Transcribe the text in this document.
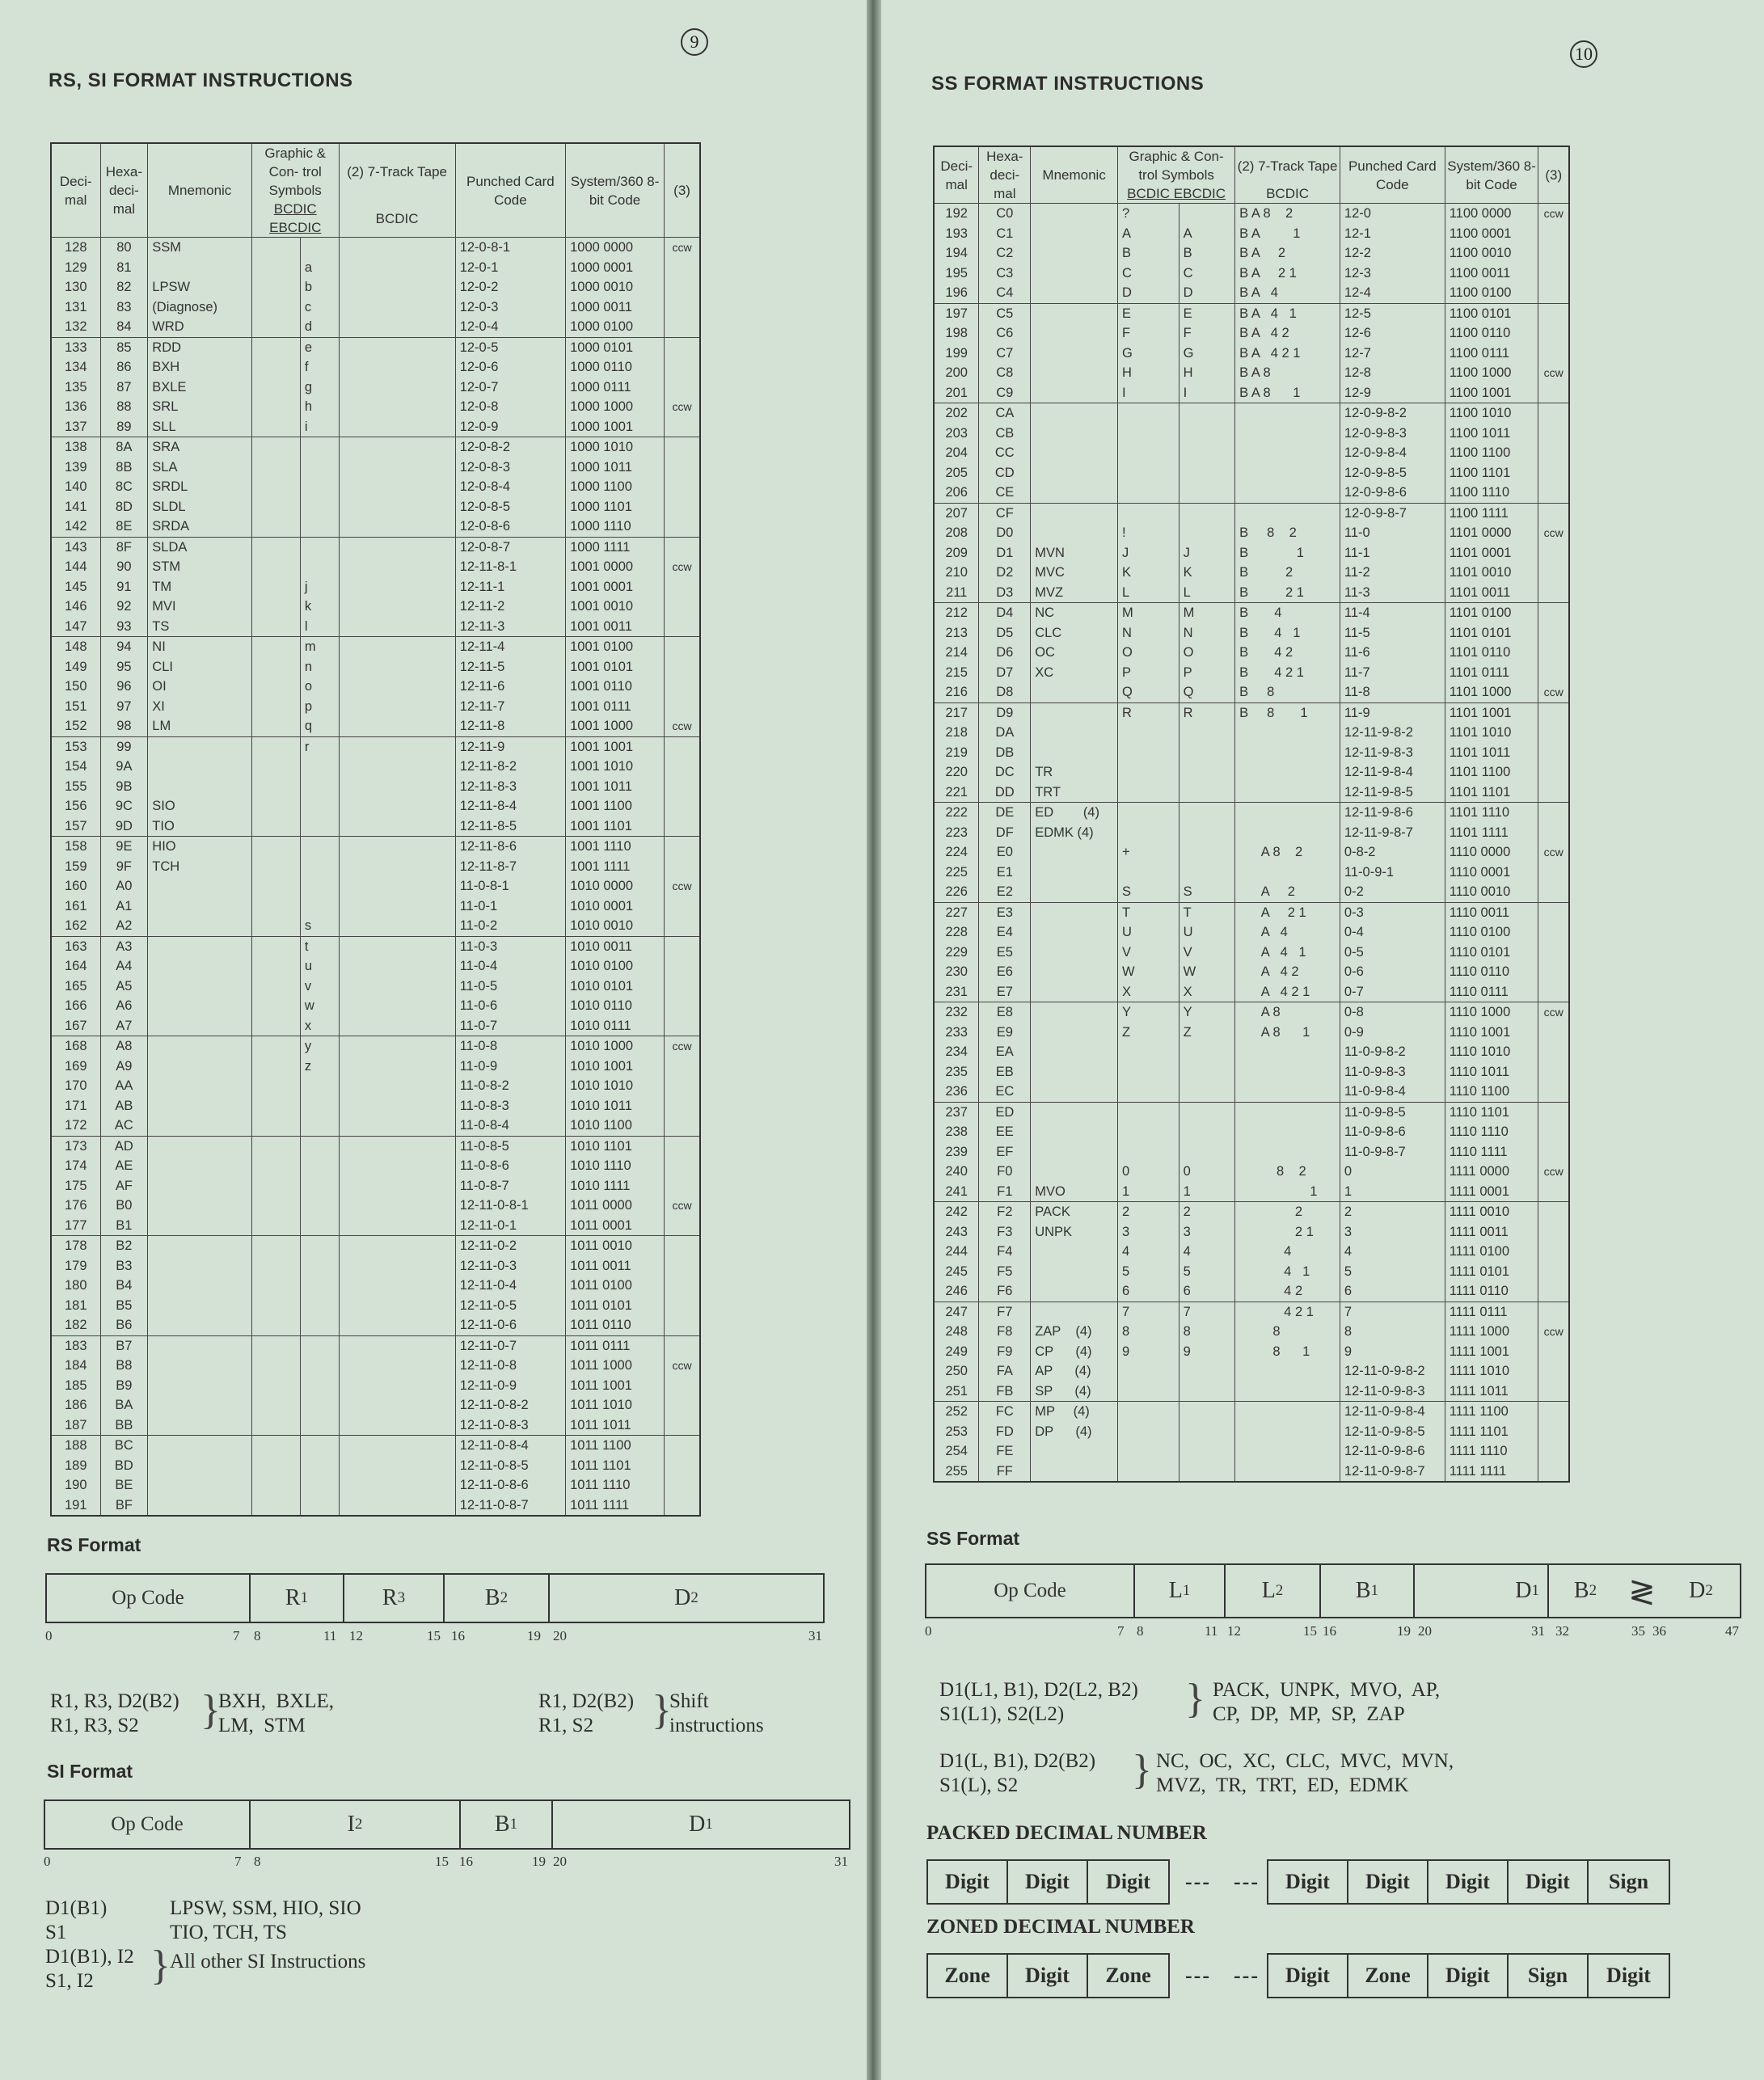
9
RS, SI FORMAT INSTRUCTIONS
Deci- mal	Hexa- deci- mal	Mnemonic	Graphic & Con- trol Symbols		(2) 7-Track Tape	Punched Card Code	System/360 8-bit Code	(3)
			BCDIC EBCDIC		BCDIC			
128	80	SSM				12-0-8-1	1000 0000	ccw
129	81			a		12-0-1	1000 0001	
130	82	LPSW		b		12-0-2	1000 0010	
131	83	(Diagnose)		c		12-0-3	1000 0011	
132	84	WRD		d		12-0-4	1000 0100	
133	85	RDD		e		12-0-5	1000 0101	
134	86	BXH		f		12-0-6	1000 0110	
135	87	BXLE		g		12-0-7	1000 0111	
136	88	SRL		h		12-0-8	1000 1000	ccw
137	89	SLL		i		12-0-9	1000 1001	
138	8A	SRA				12-0-8-2	1000 1010	
139	8B	SLA				12-0-8-3	1000 1011	
140	8C	SRDL				12-0-8-4	1000 1100	
141	8D	SLDL				12-0-8-5	1000 1101	
142	8E	SRDA				12-0-8-6	1000 1110	
143	8F	SLDA				12-0-8-7	1000 1111	
144	90	STM				12-11-8-1	1001 0000	ccw
145	91	TM		j		12-11-1	1001 0001	
146	92	MVI		k		12-11-2	1001 0010	
147	93	TS		l		12-11-3	1001 0011	
148	94	NI		m		12-11-4	1001 0100	
149	95	CLI		n		12-11-5	1001 0101	
150	96	OI		o		12-11-6	1001 0110	
151	97	XI		p		12-11-7	1001 0111	
152	98	LM		q		12-11-8	1001 1000	ccw
153	99			r		12-11-9	1001 1001	
154	9A					12-11-8-2	1001 1010	
155	9B					12-11-8-3	1001 1011	
156	9C	SIO				12-11-8-4	1001 1100	
157	9D	TIO				12-11-8-5	1001 1101	
158	9E	HIO				12-11-8-6	1001 1110	
159	9F	TCH				12-11-8-7	1001 1111	
160	A0					11-0-8-1	1010 0000	ccw
161	A1					11-0-1	1010 0001	
162	A2			s		11-0-2	1010 0010	
163	A3			t		11-0-3	1010 0011	
164	A4			u		11-0-4	1010 0100	
165	A5			v		11-0-5	1010 0101	
166	A6			w		11-0-6	1010 0110	
167	A7			x		11-0-7	1010 0111	
168	A8			y		11-0-8	1010 1000	ccw
169	A9			z		11-0-9	1010 1001	
170	AA					11-0-8-2	1010 1010	
171	AB					11-0-8-3	1010 1011	
172	AC					11-0-8-4	1010 1100	
173	AD					11-0-8-5	1010 1101	
174	AE					11-0-8-6	1010 1110	
175	AF					11-0-8-7	1010 1111	
176	B0					12-11-0-8-1	1011 0000	ccw
177	B1					12-11-0-1	1011 0001	
178	B2					12-11-0-2	1011 0010	
179	B3					12-11-0-3	1011 0011	
180	B4					12-11-0-4	1011 0100	
181	B5					12-11-0-5	1011 0101	
182	B6					12-11-0-6	1011 0110	
183	B7					12-11-0-7	1011 0111	
184	B8					12-11-0-8	1011 1000	ccw
185	B9					12-11-0-9	1011 1001	
186	BA					12-11-0-8-2	1011 1010	
187	BB					12-11-0-8-3	1011 1011	
188	BC					12-11-0-8-4	1011 1100	
189	BD					12-11-0-8-5	1011 1101	
190	BE					12-11-0-8-6	1011 1110	
191	BF					12-11-0-8-7	1011 1111	
RS Format
Op Code	R 1	R 3	B 2	D 2
0	7 8	11 12	15 16	19 20	31
R1, R3, D2(B2)
R1, R3, S2	}
BXH,  BXLE,
LM,  STM
R1, D2(B2)
R1, S2	}
Shift
instructions
SI Format
Op Code	I 2	B 1	D 1
0	7 8	15 16	19 20	31
D1(B1)	LPSW, SSM, HIO, SIO
S1	TIO, TCH, TS
D1(B1), I2
S1, I2	} All other SI Instructions
10
SS FORMAT INSTRUCTIONS
Deci- mal	Hexa- deci- mal	Mnemonic	Graphic & Con- trol Symbols		(2) 7-Track Tape	Punched Card Code	System/360 8-bit Code	(3)
			BCDIC EBCDIC		BCDIC			
192	C0		?		B A 8    2	12-0	1100 0000	ccw
193	C1		A	A	B A         1	12-1	1100 0001	
194	C2		B	B	B A     2	12-2	1100 0010	
195	C3		C	C	B A     2 1	12-3	1100 0011	
196	C4		D	D	B A   4	12-4	1100 0100	
197	C5		E	E	B A   4   1	12-5	1100 0101	
198	C6		F	F	B A   4 2	12-6	1100 0110	
199	C7		G	G	B A   4 2 1	12-7	1100 0111	
200	C8		H	H	B A 8	12-8	1100 1000	ccw
201	C9		I	I	B A 8      1	12-9	1100 1001	
202	CA					12-0-9-8-2	1100 1010	
203	CB					12-0-9-8-3	1100 1011	
204	CC					12-0-9-8-4	1100 1100	
205	CD					12-0-9-8-5	1100 1101	
206	CE					12-0-9-8-6	1100 1110	
207	CF					12-0-9-8-7	1100 1111	
208	D0		!		B     8    2	11-0	1101 0000	ccw
209	D1	MVN	J	J	B             1	11-1	1101 0001	
210	D2	MVC	K	K	B          2	11-2	1101 0010	
211	D3	MVZ	L	L	B          2 1	11-3	1101 0011	
212	D4	NC	M	M	B       4	11-4	1101 0100	
213	D5	CLC	N	N	B       4   1	11-5	1101 0101	
214	D6	OC	O	O	B       4 2	11-6	1101 0110	
215	D7	XC	P	P	B       4 2 1	11-7	1101 0111	
216	D8		Q	Q	B     8	11-8	1101 1000	ccw
217	D9		R	R	B     8       1	11-9	1101 1001	
218	DA					12-11-9-8-2	1101 1010	
219	DB					12-11-9-8-3	1101 1011	
220	DC	TR				12-11-9-8-4	1101 1100	
221	DD	TRT				12-11-9-8-5	1101 1101	
222	DE	ED        (4)				12-11-9-8-6	1101 1110	
223	DF	EDMK (4)				12-11-9-8-7	1101 1111	
224	E0		+		A 8    2	0-8-2	1110 0000	ccw
225	E1					11-0-9-1	1110 0001	
226	E2		S	S	A     2	0-2	1110 0010	
227	E3		T	T	A     2 1	0-3	1110 0011	
228	E4		U	U	A   4	0-4	1110 0100	
229	E5		V	V	A   4   1	0-5	1110 0101	
230	E6		W	W	A   4 2	0-6	1110 0110	
231	E7		X	X	A   4 2 1	0-7	1110 0111	
232	E8		Y	Y	A 8	0-8	1110 1000	ccw
233	E9		Z	Z	A 8      1	0-9	1110 1001	
234	EA					11-0-9-8-2	1110 1010	
235	EB					11-0-9-8-3	1110 1011	
236	EC					11-0-9-8-4	1110 1100	
237	ED					11-0-9-8-5	1110 1101	
238	EE					11-0-9-8-6	1110 1110	
239	EF					11-0-9-8-7	1110 1111	
240	F0		0	0	8    2	0	1111 0000	ccw
241	F1	MVO	1	1	1	1	1111 0001	
242	F2	PACK	2	2	2	2	1111 0010	
243	F3	UNPK	3	3	2 1	3	1111 0011	
244	F4		4	4	4	4	1111 0100	
245	F5		5	5	4   1	5	1111 0101	
246	F6		6	6	4 2	6	1111 0110	
247	F7		7	7	4 2 1	7	1111 0111	
248	F8	ZAP    (4)	8	8	8	8	1111 1000	ccw
249	F9	CP      (4)	9	9	8      1	9	1111 1001	
250	FA	AP      (4)				12-11-0-9-8-2	1111 1010	
251	FB	SP      (4)				12-11-0-9-8-3	1111 1011	
252	FC	MP     (4)				12-11-0-9-8-4	1111 1100	
253	FD	DP      (4)				12-11-0-9-8-5	1111 1101	
254	FE					12-11-0-9-8-6	1111 1110	
255	FF					12-11-0-9-8-7	1111 1111	
SS Format
Op Code	L 1	L 2	B 1	D 1	B 2 ≷	D 2
0	7 8	11 12	15 16	19 20	31 32	35 36	47
D1(L1, B1), D2(L2, B2)
S1(L1), S2(L2)	} PACK,  UNPK,  MVO,  AP,
CP,  DP,  MP,  SP,  ZAP
D1(L, B1), D2(B2)
S1(L), S2	} NC,  OC,  XC,  CLC,  MVC,  MVN,
MVZ,  TR,  TRT,  ED,  EDMK
PACKED DECIMAL NUMBER
Digit	Digit	Digit	---	---	Digit	Digit	Digit	Digit	Sign
ZONED DECIMAL NUMBER
Zone	Digit	Zone	---	---	Digit	Zone	Digit	Sign	Digit
